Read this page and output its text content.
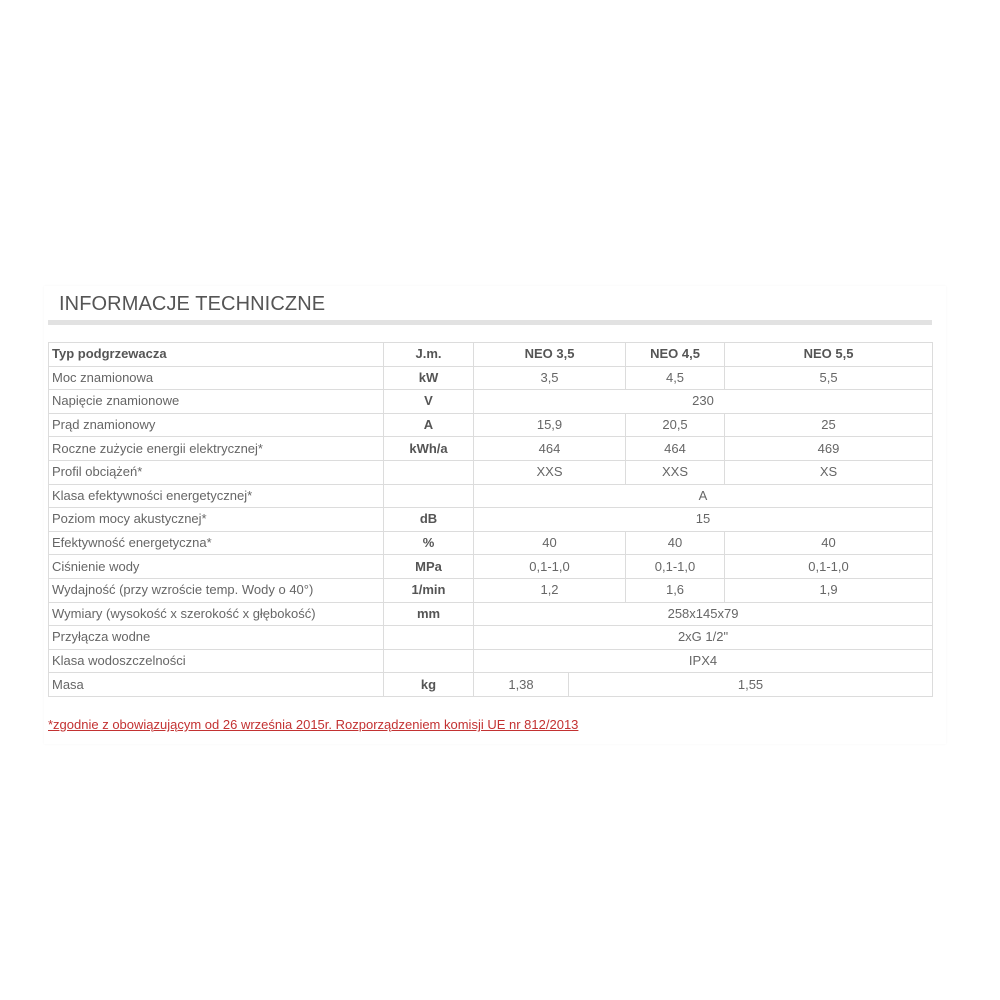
INFORMACJE TECHNICZNE
Typ podgrzewacza	J.m.	NEO 3,5		NEO 4,5	NEO 5,5	
Moc znamionowa	kW	3,5		4,5	5,5	
Napięcie znamionowe	V	230				
Prąd znamionowy	A	15,9		20,5	25	
Roczne zużycie energii elektrycznej*	kWh/a	464		464	469	
Profil obciążeń*		XXS		XXS	XS	
Klasa efektywności energetycznej*		A				
Poziom mocy akustycznej*	dB	15				
Efektywność energetyczna*	%	40		40	40	
Ciśnienie wody	MPa	0,1-1,0		0,1-1,0	0,1-1,0	
Wydajność (przy wzroście temp. Wody o 40°)	1/min	1,2		1,6	1,9	
Wymiary (wysokość x szerokość x głębokość)	mm	258x145x79				
Przyłącza wodne		2xG 1/2"				
Klasa wodoszczelności		IPX4				
Masa	kg	1,38	1,55	

*zgodnie z obowiązującym od 26 września 2015r. Rozporządzeniem komisji UE nr 812/2013
